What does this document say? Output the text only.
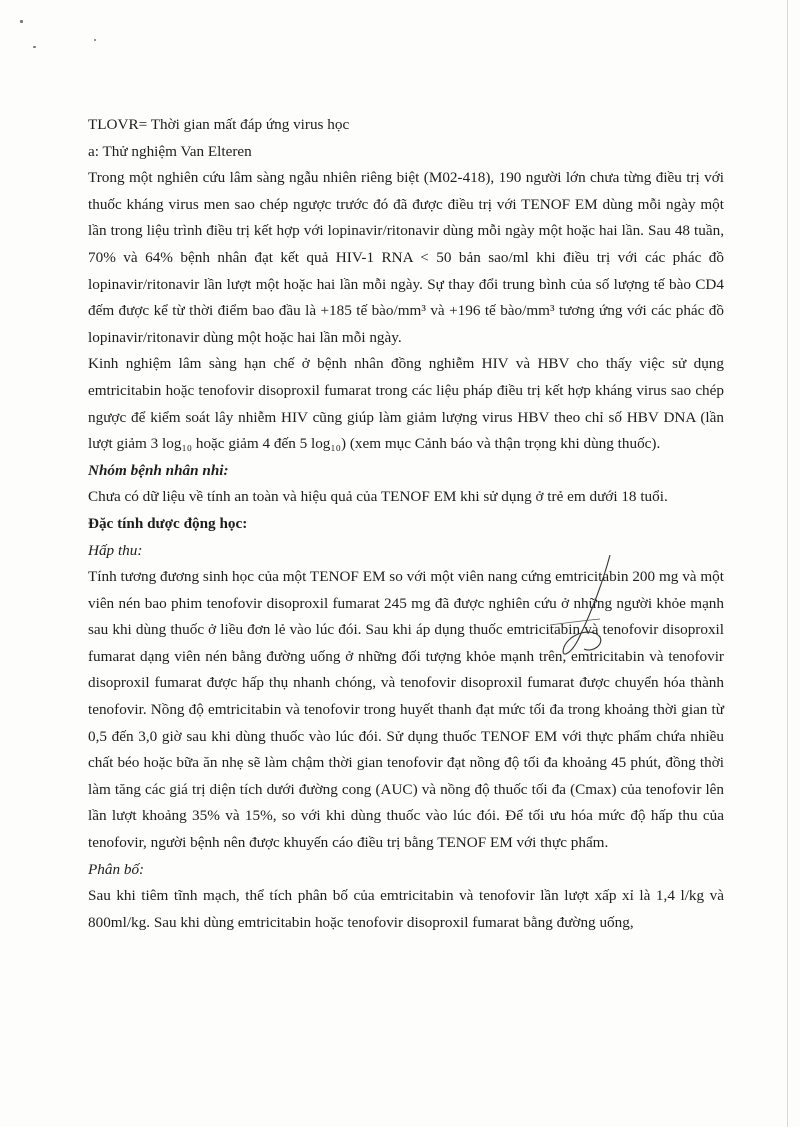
TLOVR= Thời gian mất đáp ứng virus học

a: Thử nghiệm Van Elteren

Trong một nghiên cứu lâm sàng ngẫu nhiên riêng biệt (M02-418), 190 người lớn chưa từng điều trị với thuốc kháng virus men sao chép ngược trước đó đã được điều trị với TENOF EM dùng mỗi ngày một lần trong liệu trình điều trị kết hợp với lopinavir/ritonavir dùng mỗi ngày một hoặc hai lần. Sau 48 tuần, 70% và 64% bệnh nhân đạt kết quả HIV-1 RNA < 50 bản sao/ml khi điều trị với các phác đồ lopinavir/ritonavir lần lượt một hoặc hai lần mỗi ngày. Sự thay đổi trung bình của số lượng tế bào CD4 đếm được kể từ thời điểm bao đầu là +185 tế bào/mm³ và +196 tế bào/mm³ tương ứng với các phác đồ lopinavir/ritonavir dùng một hoặc hai lần mỗi ngày.

Kinh nghiệm lâm sàng hạn chế ở bệnh nhân đồng nghiễm HIV và HBV cho thấy việc sử dụng emtricitabin hoặc tenofovir disoproxil fumarat trong các liệu pháp điều trị kết hợp kháng virus sao chép ngược để kiểm soát lây nhiễm HIV cũng giúp làm giảm lượng virus HBV theo chỉ số HBV DNA (lần lượt giảm 3 log₁₀ hoặc giảm 4 đến 5 log₁₀) (xem mục Cảnh báo và thận trọng khi dùng thuốc).

Nhóm bệnh nhân nhi:

Chưa có dữ liệu về tính an toàn và hiệu quả của TENOF EM khi sử dụng ở trẻ em dưới 18 tuổi.

Đặc tính dược động học:

Hấp thu:

Tính tương đương sinh học của một TENOF EM so với một viên nang cứng emtricitabin 200 mg và một viên nén bao phim tenofovir disoproxil fumarat 245 mg đã được nghiên cứu ở những người khỏe mạnh sau khi dùng thuốc ở liều đơn lẻ vào lúc đói. Sau khi áp dụng thuốc emtricitabin và tenofovir disoproxil fumarat dạng viên nén bằng đường uống ở những đối tượng khỏe mạnh trên, emtricitabin và tenofovir disoproxil fumarat được hấp thụ nhanh chóng, và tenofovir disoproxil fumarat được chuyển hóa thành tenofovir. Nồng độ emtricitabin và tenofovir trong huyết thanh đạt mức tối đa trong khoảng thời gian từ 0,5 đến 3,0 giờ sau khi dùng thuốc vào lúc đói. Sử dụng thuốc TENOF EM với thực phẩm chứa nhiều chất béo hoặc bữa ăn nhẹ sẽ làm chậm thời gian tenofovir đạt nồng độ tối đa khoảng 45 phút, đồng thời làm tăng các giá trị diện tích dưới đường cong (AUC) và nồng độ thuốc tối đa (Cmax) của tenofovir lên lần lượt khoảng 35% và 15%, so với khi dùng thuốc vào lúc đói. Để tối ưu hóa mức độ hấp thu của tenofovir, người bệnh nên được khuyến cáo điều trị bằng TENOF EM với thực phẩm.

Phân bố:

Sau khi tiêm tĩnh mạch, thể tích phân bố của emtricitabin và tenofovir lần lượt xấp xỉ là 1,4 l/kg và 800ml/kg. Sau khi dùng emtricitabin hoặc tenofovir disoproxil fumarat bằng đường uống,
